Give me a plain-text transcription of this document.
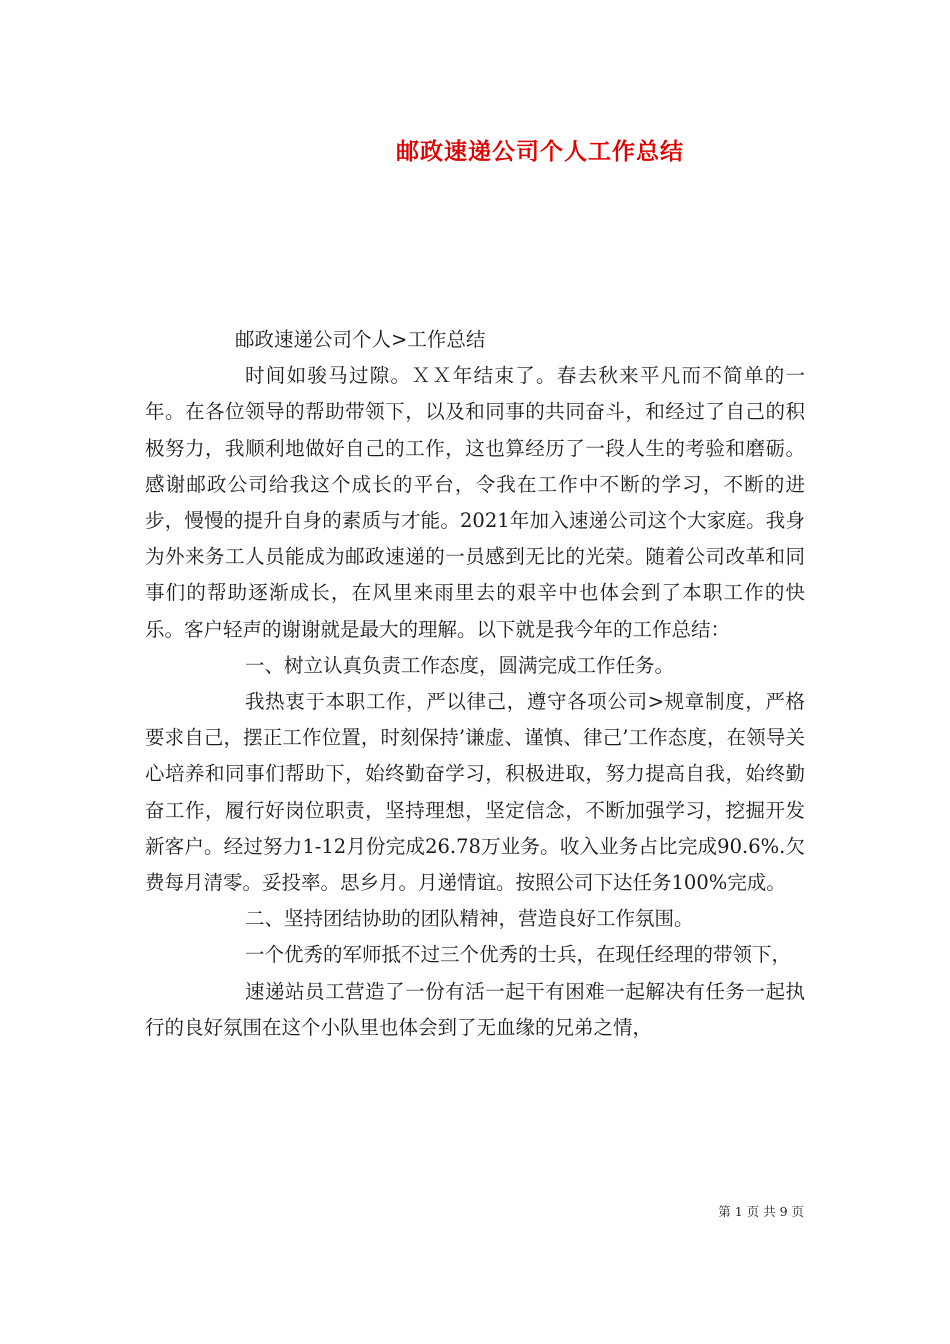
邮政速递公司个人工作总结

邮政速递公司个人>工作总结

时间如骏马过隙。ＸＸ年结束了。春去秋来平凡而不简单的一年。在各位领导的帮助带领下，以及和同事的共同奋斗，和经过了自己的积极努力，我顺利地做好自己的工作，这也算经历了一段人生的考验和磨砺。感谢邮政公司给我这个成长的平台，令我在工作中不断的学习，不断的进步，慢慢的提升自身的素质与才能。2021年加入速递公司这个大家庭。我身为外来务工人员能成为邮政速递的一员感到无比的光荣。随着公司改革和同事们的帮助逐渐成长，在风里来雨里去的艰辛中也体会到了本职工作的快乐。客户轻声的谢谢就是最大的理解。以下就是我今年的工作总结：

一、树立认真负责工作态度，圆满完成工作任务。

我热衷于本职工作，严以律己，遵守各项公司>规章制度，严格要求自己，摆正工作位置，时刻保持’谦虚、谨慎、律己’工作态度，在领导关心培养和同事们帮助下，始终勤奋学习，积极进取，努力提高自我，始终勤奋工作，履行好岗位职责，坚持理想，坚定信念，不断加强学习，挖掘开发新客户。经过努力1-12月份完成26.78万业务。收入业务占比完成90.6%.欠费每月清零。妥投率。思乡月。月递情谊。按照公司下达任务100%完成。

二、坚持团结协助的团队精神，营造良好工作氛围。

一个优秀的军师抵不过三个优秀的士兵，在现任经理的带领下，

速递站员工营造了一份有活一起干有困难一起解决有任务一起执行的良好氛围在这个小队里也体会到了无血缘的兄弟之情，

第 1 页 共 9 页
